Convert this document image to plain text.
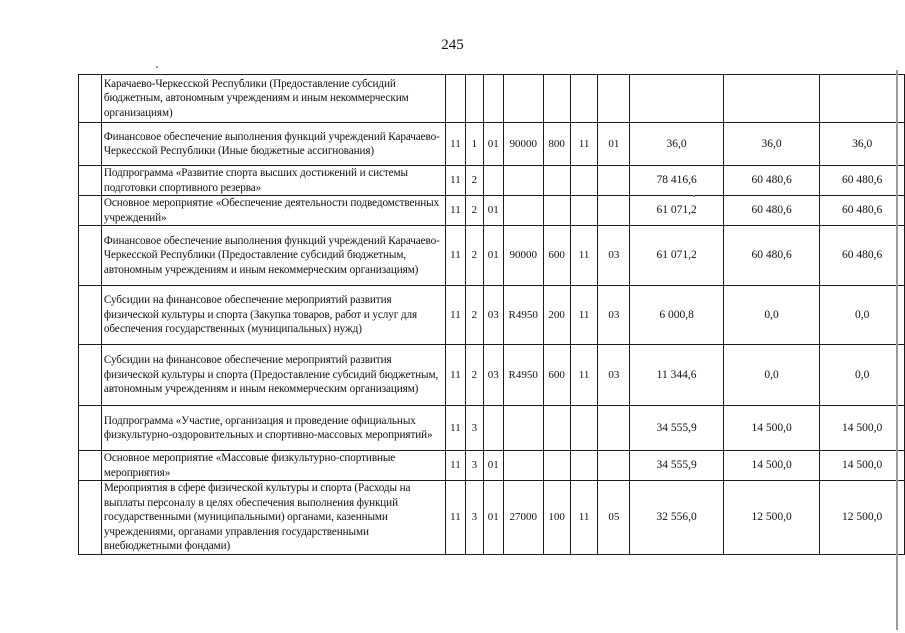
245
	Карачаево-Черкесской Республики (Предоставление субсидий бюджетным, автономным учреждениям и иным некоммерческим организациям)										
	Финансовое обеспечение выполнения функций учреждений Карачаево-Черкесской Республики (Иные бюджетные ассигнования)	11	1	01	90000	800	11	01	36,0	36,0	36,0
	Подпрограмма «Развитие спорта высших достижений и системы подготовки спортивного резерва»	11	2						78 416,6	60 480,6	60 480,6
	Основное мероприятие «Обеспечение деятельности подведомственных учреждений»	11	2	01					61 071,2	60 480,6	60 480,6
	Финансовое обеспечение выполнения функций учреждений Карачаево-Черкесской Республики (Предоставление субсидий бюджетным, автономным учреждениям и иным некоммерческим организациям)	11	2	01	90000	600	11	03	61 071,2	60 480,6	60 480,6
	Субсидии на финансовое обеспечение мероприятий развития физической культуры и спорта (Закупка товаров, работ и услуг для обеспечения государственных (муниципальных) нужд)	11	2	03	R4950	200	11	03	6 000,8	0,0	0,0
	Субсидии на финансовое обеспечение мероприятий развития физической культуры и спорта (Предоставление субсидий бюджетным, автономным учреждениям и иным некоммерческим организациям)	11	2	03	R4950	600	11	03	11 344,6	0,0	0,0
	Подпрограмма «Участие, организация и проведение официальных физкультурно-оздоровительных и спортивно-массовых мероприятий»	11	3						34 555,9	14 500,0	14 500,0
	Основное мероприятие «Массовые физкультурно-спортивные мероприятия»	11	3	01					34 555,9	14 500,0	14 500,0
	Мероприятия в сфере физической культуры и спорта (Расходы на выплаты персоналу в целях обеспечения выполнения функций государственными (муниципальными) органами, казенными учреждениями, органами управления государственными внебюджетными фондами)	11	3	01	27000	100	11	05	32 556,0	12 500,0	12 500,0
